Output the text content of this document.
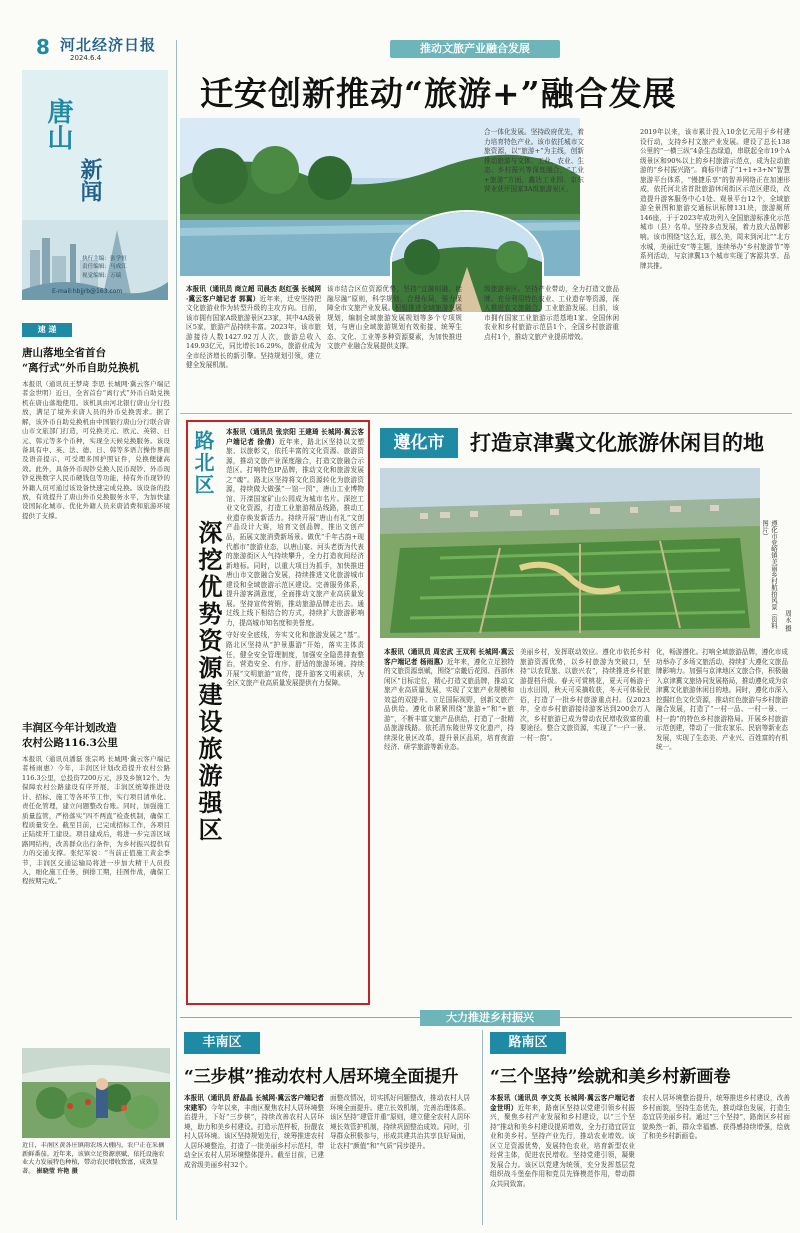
8 河北经济日报
2024.6.4
唐山
新闻
执行主编：张学恒
责任编辑：马成江
视觉编辑：万瑞
E-mail:hbjjrb@163.com
速 递
唐山落地全省首台
“离行式”外币自助兑换机
本报讯（通讯员王梦琦 李思 长城网·冀云客户端记者金世明）近日，全省首台“离行式”外币自助兑换机在唐山落地使用。该机具由河北银行唐山分行投放，满足了境外来唐人员的外币兑换需求。据了解，该外币自助兑换机由中国银行唐山分行联合唐山市文旅部门打造，可兑换美元、欧元、英镑、日元、韩元等多个币种，实现全天候兑换服务。该设备具有中、英、法、德、日、韩等多语言操作界面及语音提示，可受理多国护照证件，兑换便捷高效。此外，具备外币现钞兑换人民币现钞、外币现钞兑换数字人民币硬钱包等功能，持有外币现钞的外籍人员可通过该设备快速完成兑换。该设备的投放，有效提升了唐山外币兑换服务水平，为加快建设国际化城市、优化外籍人员来唐消费和旅游环境提供了支撑。
丰润区今年计划改造
农村公路116.3公里
本报讯（通讯员潘磊 张宗鸣 长城网·冀云客户端记者杨雨惠）今年，丰润区计划改造提升农村公路116.3公里，总投资7200万元，涉及乡镇12个。为保障农村公路建设有序开展，丰润区统筹推进设计、招标、施工等各环节工作，实行项目清单化、责任化管理，建立问题整改台账。同时，加强施工质量监管，严格落实“四不两直”检查机制，确保工程质量安全。截至目前，已完成招标工作，各项目正陆续开工建设。项目建成后，将进一步完善区域路网结构，改善群众出行条件，为乡村振兴提供有力的交通支撑。张纪军说：“当前正值施工黄金季节，丰润区交通运输局将进一步加大精干人员投入，细化施工任务，倒排工期，挂图作战，确保工程按期完成。”
近日，丰南区黄各庄镇雨农场大棚内，农户正在采摘新鲜番茄。近年来，该镇立足资源禀赋，依托设施农业大力发展特色种植，带动农民增收致富，成效显著。 崔晓莹 许艳 摄
推动文旅产业融合发展
迁安创新推动“旅游+”融合发展
本报讯（通讯员 商立超 司晨杰 赵红强 长城网·冀云客户端记者 郭翼）近年来，迁安坚持把文化旅游业作为转型升级的主攻方向。目前，该市拥有国家A级旅游景区23家，其中4A级景区5家，旅游产品持续丰富。2023年，该市旅游接待人数1427.92万人次，旅游总收入149.93亿元，同比增长16.29%，旅游业成为全市经济增长的新引擎。坚持规划引领，建立健全发展机制。
该市结合区位资源优势，坚持“宜融则融、能融尽融”原则，科学规划，合理布局，强力保障全市文旅产业发展。积极推进全域旅游发展规划，编制全域旅游发展规划等多个专项规划，与唐山全域旅游规划有效衔接，统筹生态、文化、工业等多种资源要素，为加快推进文旅产业融合发展提供支撑。
级旅游景区。坚持产业带动，全力打造文旅品牌。充分利用特色农业、工业遗存等资源，深入推进农文旅融合、工业旅游发展。目前，该市拥有国家工业旅游示范基地1家、全国休闲农业和乡村旅游示范县1个、全国乡村旅游重点村1个，推动文旅产业提质增效。
合一体化发展。坚持政府优先，着力培育特色产业。该市依托城市文旅资源，以“旅游+”为主线，创新推动旅游与文体、工业、农业、生态、乡村振兴等深度融合，“工业+旅游”方面，鑫达工业园、京东营业获评国家3A级旅游景区。
2019年以来，该市累计投入10余亿元用于乡村建设行动，支持乡村文旅产业发展。建设了总长138公里的“一横三纵”4条生态绿道，串联起全市19个A级景区和90%以上的乡村旅游示范点，成为拉动旅游的“乡村振兴路”。商标申请了“1+1+3+N”智慧旅游平台体系，“慢捷乐享”的智养网络正在加速形成，依托河北省首批旅游休闲街区示范区建设，改造提升游客服务中心1处、观景平台12个，全域旅游全景图和旅游交通标识标牌131块，旅游厕所146座，于于2023年成功列入全国旅游标准化示范城市（县）名单。坚持多点发展，着力放大品牌影响。该市围绕“这么近，那么美，周末到河北”“北方水城，美丽迁安”等主题，连续举办“乡村旅游节”等系列活动，与京津冀13个城市实现了客源共享、品牌共推。
路北区
深挖优势资源建设旅游强区
本报讯（通讯员 张宗阳 王建琦 长城网·冀云客户端记者 徐倩）近年来，路北区坚持以文塑旅、以旅彰文，依托丰富的文化资源、旅游资源，推动文旅产业深度融合，打造文旅融合示范区。打响特色IP品牌，推动文化和旅游发展之“魂”。路北区坚持将文化资源转化为旅游资源，持续做大做强“一馆一园”，唐山工业博物馆、开滦国家矿山公园成为城市名片。深挖工业文化资源，打造工业旅游精品线路，推动工业遗存焕发新活力。持续开展“唐山有礼”文创产品设计大赛，培育文创品牌，推出文创产品，拓展文旅消费新场景。做优“千年古韵+现代都市”旅游业态，以唐山宴、河头老街为代表的旅游街区人气持续攀升，全力打造夜间经济新地标。同时，以重大项目为抓手，加快推进唐山市文旅融合发展，持续推进文化旅游城市建设和全域旅游示范区建设。完善服务体系，提升游客满意度，全面推动文旅产业高质量发展。坚持宣传营销，推动旅游品牌走出去。通过线上线下相结合的方式，持续扩大旅游影响力，提高城市知名度和美誉度。
守好安全底线，夯实文化和旅游发展之“基”。路北区坚持从“护景惠游”开始，落实主体责任，健全安全管理制度，加强安全隐患排查整治，营造安全、有序、舒适的旅游环境。持续开展“文明旅游”宣传，提升游客文明素质，为全区文旅产业高质量发展提供有力保障。
遵化市	打造京津冀文化旅游休闲目的地
遵化市党峪镇美丽乡村航拍风景（资料图片）
周永 摄
本报讯（通讯员 周宏武 王双利 长城网·冀云客户端记者 杨雨惠）近年来，遵化立足独特的文旅资源禀赋，围绕“京畿后花园、西部休闲区”目标定位，精心打造文旅品牌，推动文旅产业高质量发展，实现了文旅产业规模和效益的双提升。立足国际视野，创新文旅产品供给。遵化市紧紧围绕“旅游+”和“+旅游”，不断丰富文旅产品供给，打造了一批精品旅游线路。依托清东陵世界文化遗产，持续深化景区改革，提升景区品质，培育夜游经济、研学旅游等新业态。
美丽乡村，发挥联动效应。遵化市依托乡村旅游资源优势，以乡村旅游为突破口，坚持“以农促旅、以旅兴农”，持续推进乡村旅游提档升级。春天可赏桃花，夏天可畅游于山水田园，秋天可采摘收获，冬天可体验民俗，打造了一批乡村旅游重点村。仅2023年，全市乡村旅游接待游客达到200余万人次，乡村旅游已成为带动农民增收致富的重要途径。整合文旅资源，实现了“一户一景、一村一韵”。
化，畅游遵化。打响全域旅游品牌，遵化市成功举办了多场文旅活动，持续扩大遵化文旅品牌影响力。加强与京津地区文旅合作，积极融入京津冀文旅协同发展格局，推动遵化成为京津冀文化旅游休闲目的地。同时，遵化市深入挖掘红色文化资源，推动红色旅游与乡村旅游融合发展，打造了“一村一品、一村一景、一村一韵”的特色乡村旅游格局。开展乡村旅游示范创建，带动了一批农家乐、民宿等新业态发展，实现了生态美、产业兴、百姓富的有机统一。
大力推进乡村振兴
丰南区
“三步棋”推动农村人居环境全面提升
本报讯（通讯员 舒晶晶 长城网·冀云客户端记者 宋建军）今年以来，丰南区聚焦农村人居环境整治提升，下好“三步棋”，持续改善农村人居环境，助力和美乡村建设。打造示范样板，扮靓农村人居环境。该区坚持规划先行，统筹推进农村人居环境整治，打造了一批美丽乡村示范村，带动全区农村人居环境整体提升。截至目前，已建成省级美丽乡村32个。
面整改情况，切实抓好问题整改，推动农村人居环境全面提升。建立长效机制，完善治理体系。该区坚持“建管并重”原则，建立健全农村人居环境长效管护机制，持续巩固整治成效。同时，引导群众积极参与，形成共建共治共享良好局面，让农村“颜值”和“气质”同步提升。
路南区
“三个坚持”绘就和美乡村新画卷
本报讯（通讯员 李文英 长城网·冀云客户端记者 金世明）近年来，路南区坚持以党建引领乡村振兴，聚焦乡村产业发展和乡村建设，以“三个坚持”推动和美乡村建设提质增效，全力打造宜居宜业和美乡村。坚持产业先行，推动农业增效。该区立足资源优势，发展特色农业，培育新型农业经营主体，促进农民增收。坚持党建引领，凝聚发展合力。该区以党建为统领，充分发挥基层党组织战斗堡垒作用和党员先锋模范作用，带动群众共同致富。
农村人居环境整治提升，统筹推进乡村建设，改善乡村面貌，坚持生态优先，推动绿色发展，打造生态宜居美丽乡村。通过“三个坚持”，路南区乡村面貌焕然一新，群众幸福感、获得感持续增强，绘就了和美乡村新画卷。
